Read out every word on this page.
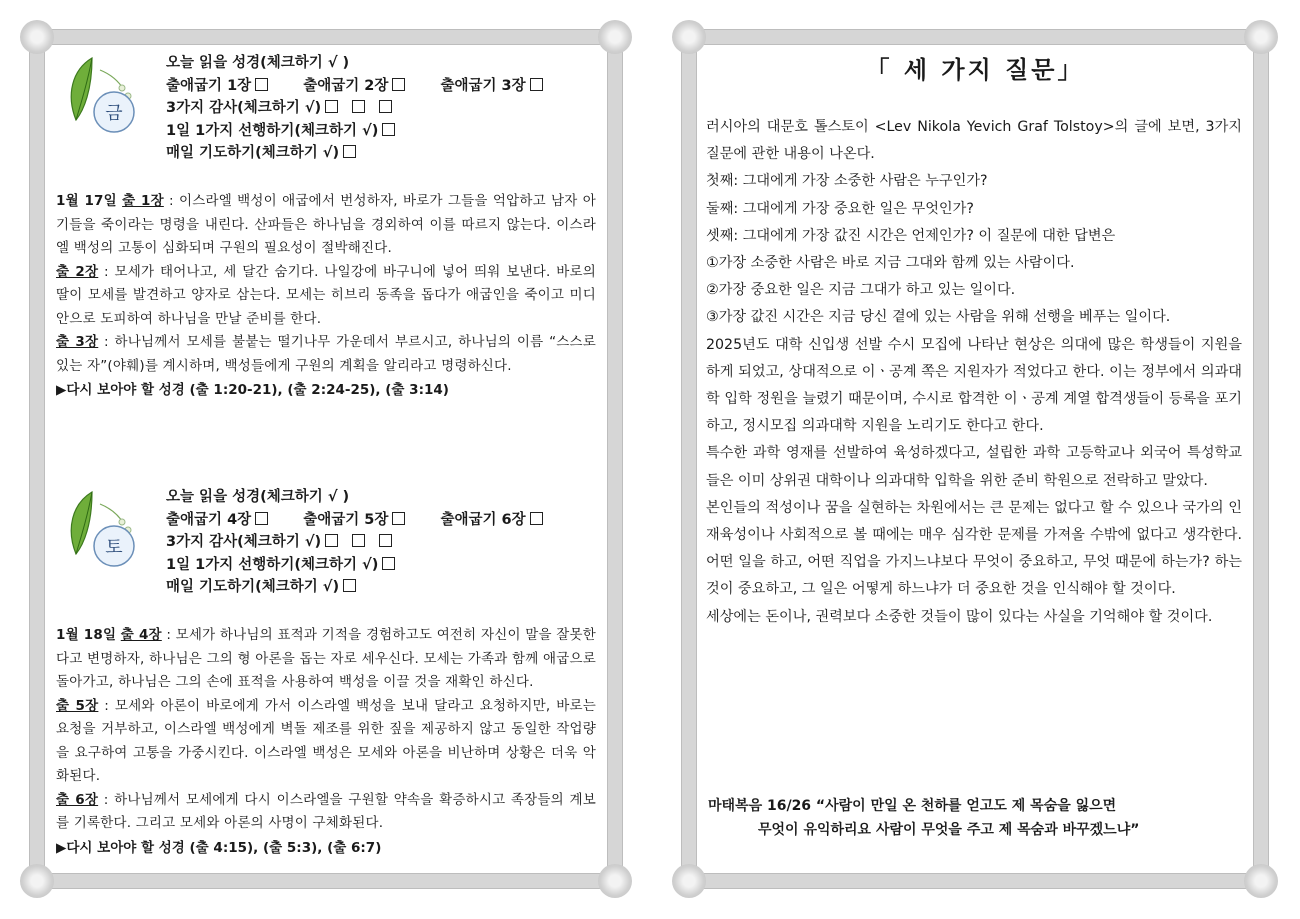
금
오늘 읽을 성경(체크하기 √ )
출애굽기 1장	출애굽기 2장	출애굽기 3장
3가지 감사(체크하기 √)
1일 1가지 선행하기(체크하기 √)
매일 기도하기(체크하기 √)
1월 17일 출 1장 : 이스라엘 백성이 애굽에서 번성하자, 바로가 그들을 억압하고 남자 아기들을 죽이라는 명령을 내린다. 산파들은 하나님을 경외하여 이를 따르지 않는다. 이스라엘 백성의 고통이 심화되며 구원의 필요성이 절박해진다.
출 2장 : 모세가 태어나고, 세 달간 숨기다. 나일강에 바구니에 넣어 띄워 보낸다. 바로의 딸이 모세를 발견하고 양자로 삼는다. 모세는 히브리 동족을 돕다가 애굽인을 죽이고 미디안으로 도피하여 하나님을 만날 준비를 한다.
출 3장 : 하나님께서 모세를 불붙는 떨기나무 가운데서 부르시고, 하나님의 이름 “스스로 있는 자”(야훼)를 계시하며, 백성들에게 구원의 계획을 알리라고 명령하신다.
▶다시 보아야 할 성경 (출 1:20-21), (출 2:24-25), (출 3:14)
토
오늘 읽을 성경(체크하기 √ )
출애굽기 4장	출애굽기 5장	출애굽기 6장
3가지 감사(체크하기 √)
1일 1가지 선행하기(체크하기 √)
매일 기도하기(체크하기 √)
1월 18일 출 4장 : 모세가 하나님의 표적과 기적을 경험하고도 여전히 자신이 말을 잘못한다고 변명하자, 하나님은 그의 형 아론을 돕는 자로 세우신다. 모세는 가족과 함께 애굽으로 돌아가고, 하나님은 그의 손에 표적을 사용하여 백성을 이끌 것을 재확인 하신다.
출 5장 : 모세와 아론이 바로에게 가서 이스라엘 백성을 보내 달라고 요청하지만, 바로는 요청을 거부하고, 이스라엘 백성에게 벽돌 제조를 위한 짚을 제공하지 않고 동일한 작업량을 요구하여 고통을 가중시킨다. 이스라엘 백성은 모세와 아론을 비난하며 상황은 더욱 악화된다.
출 6장 : 하나님께서 모세에게 다시 이스라엘을 구원할 약속을 확증하시고 족장들의 계보를 기록한다. 그리고 모세와 아론의 사명이 구체화된다.
▶다시 보아야 할 성경 (출 4:15), (출 5:3), (출 6:7)
「 세 가지 질문」

러시아의 대문호 톨스토이 <Lev Nikola Yevich Graf Tolstoy>의 글에 보면, 3가지 질문에 관한 내용이 나온다.

첫째: 그대에게 가장 소중한 사람은 누구인가?

둘째: 그대에게 가장 중요한 일은 무엇인가?

셋째: 그대에게 가장 값진 시간은 언제인가? 이 질문에 대한 답변은

①가장 소중한 사람은 바로 지금 그대와 함께 있는 사람이다.

②가장 중요한 일은 지금 그대가 하고 있는 일이다.

③가장 값진 시간은 지금 당신 곁에 있는 사람을 위해 선행을 베푸는 일이다.

2025년도 대학 신입생 선발 수시 모집에 나타난 현상은 의대에 많은 학생들이 지원을 하게 되었고, 상대적으로 이ㆍ공계 쪽은 지원자가 적었다고 한다. 이는 정부에서 의과대학 입학 정원을 늘렸기 때문이며, 수시로 합격한 이ㆍ공계 계열 합격생들이 등록을 포기하고, 정시모집 의과대학 지원을 노리기도 한다고 한다.

특수한 과학 영재를 선발하여 육성하겠다고, 설립한 과학 고등학교나 외국어 특성학교들은 이미 상위권 대학이나 의과대학 입학을 위한 준비 학원으로 전락하고 말았다.

본인들의 적성이나 꿈을 실현하는 차원에서는 큰 문제는 없다고 할 수 있으나 국가의 인재육성이나 사회적으로 볼 때에는 매우 심각한 문제를 가져올 수밖에 없다고 생각한다. 어떤 일을 하고, 어떤 직업을 가지느냐보다 무엇이 중요하고, 무엇 때문에 하는가? 하는 것이 중요하고, 그 일은 어떻게 하느냐가 더 중요한 것을 인식해야 할 것이다.

세상에는 돈이나, 권력보다 소중한 것들이 많이 있다는 사실을 기억해야 할 것이다.

마태복음 16/26 “사람이 만일 온 천하를 얻고도 제 목숨을 잃으면
무엇이 유익하리요 사람이 무엇을 주고 제 목숨과 바꾸겠느냐”
